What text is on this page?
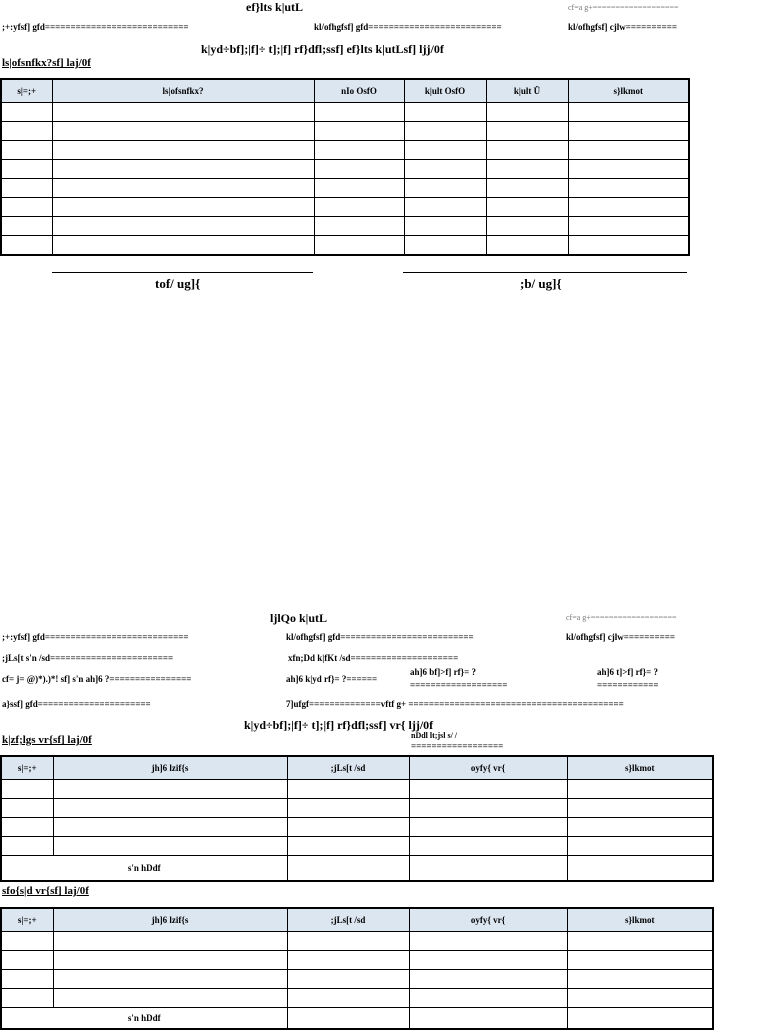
ef}lts k|utL	cf=a g+===================
;+:yfsf] gfd============================	kl/ofhgfsf] gfd==========================	kl/ofhgfsf] cjlw==========
k|yd÷bf];|f]÷ t];|f] rf}dfl;ssf] ef}lts k|utLsf] ljj/0f
ls|ofsnfkx?sf] laj/0f
s|=;+	ls|ofsnfkx?	nIo OsfO	k|ult OsfO	k|ult Ü	s}lkmot

tof/ ug]{	;b/ ug]{
ljlQo k|utL	cf=a g+===================
;+:yfsf] gfd============================	kl/ofhgfsf] gfd==========================	kl/ofhgfsf] cjlw==========
;jLs[t s'n /sd========================	xfn;Dd k|fKt /sd=====================
cf= j= @)*).)*! sf] s'n ah]6 ?================	ah]6 k|yd rf}= ?======
ah]6 bf]>f] rf}= ?
===================
ah]6 t]>f] rf}= ?
============
a}ssf] gfd======================	7]ufgf==============vftf g+ ==========================================
k|yd÷bf];|f]÷ t];|f] rf}dfl;ssf] vr{ ljj/0f
nDdl lt;jsl s/ /
==================
k|zf;lgs vr{sf] laj/0f
s|=;+	jh]6 lzif{s	;jLs[t /sd	oyfy{ vr{	s}lkmot

s'n hDdf				
sfo{s|d vr{sf] laj/0f
s|=;+	jh]6 lzif{s	;jLs[t /sd	oyfy{ vr{	s}lkmot

s'n hDdf				
